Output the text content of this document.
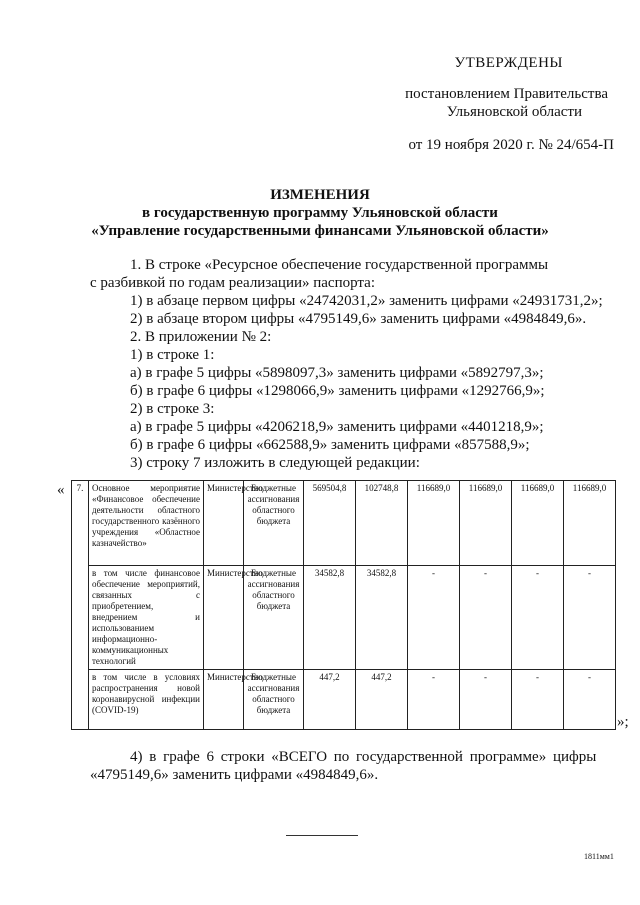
УТВЕРЖДЕНЫ
постановлением Правительства
Ульяновской области
от 19 ноября 2020 г. № 24/654-П
ИЗМЕНЕНИЯ
в государственную программу Ульяновской области
«Управление государственными финансами Ульяновской области»
1. В строке «Ресурсное обеспечение государственной программы
с разбивкой по годам реализации» паспорта:
1) в абзаце первом цифры «24742031,2» заменить цифрами «24931731,2»;
2) в абзаце втором цифры «4795149,6» заменить цифрами «4984849,6».
2. В приложении № 2:
1) в строке 1:
а) в графе 5 цифры «5898097,3» заменить цифрами «5892797,3»;
б) в графе 6 цифры «1298066,9» заменить цифрами «1292766,9»;
2) в строке 3:
а) в графе 5 цифры «4206218,9» заменить цифрами «4401218,9»;
б) в графе 6 цифры «662588,9» заменить цифрами «857588,9»;
3) строку 7 изложить в следующей редакции:
« 7.	Основное мероприятие «Финансовое обеспечение деятельности областного государственного казённого учреждения «Областное казначейство»	Министерство	Бюджетные ассигнования областного бюджета	569504,8	102748,8	116689,0	116689,0	116689,0	116689,0
	в том числе финансовое обеспечение мероприятий, связанных с приобретением, внедрением и использованием информационно-коммуникационных технологий	Министерство	Бюджетные ассигнования областного бюджета	34582,8	34582,8	-	-	-	-
	в том числе в условиях распространения новой коронавирусной инфекции (COVID-19)	Министерство	Бюджетные ассигнования областного бюджета	447,2	447,2	-	-	-	-
»;
4) в графе 6 строки «ВСЕГО по государственной программе» цифры
«4795149,6» заменить цифрами «4984849,6».
1811мм1
